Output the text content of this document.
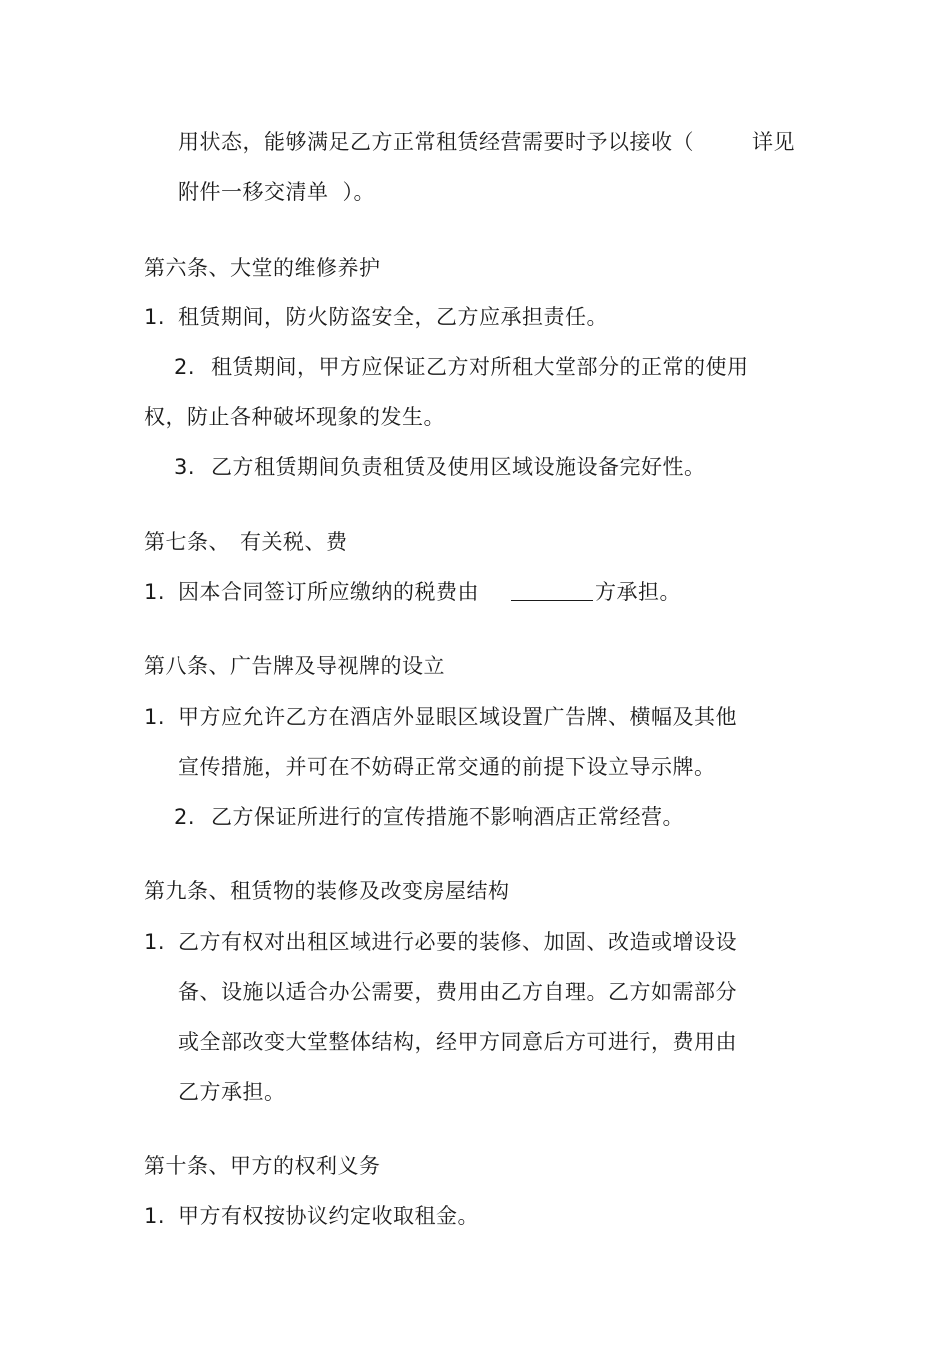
用状态，能够满足乙方正常租赁经营需要时予以接收（	详见
附件一移交清单 ）。
第六条、大堂的维修养护
1. 租赁期间，防火防盗安全，乙方应承担责任。
2. 租赁期间，甲方应保证乙方对所租大堂部分的正常的使用
权，防止各种破坏现象的发生。
3. 乙方租赁期间负责租赁及使用区域设施设备完好性。
第七条、 有关税、费
1. 因本合同签订所应缴纳的税费由	方承担。
第八条、广告牌及导视牌的设立
1. 甲方应允许乙方在酒店外显眼区域设置广告牌、横幅及其他
宣传措施，并可在不妨碍正常交通的前提下设立导示牌。
2. 乙方保证所进行的宣传措施不影响酒店正常经营。
第九条、租赁物的装修及改变房屋结构
1. 乙方有权对出租区域进行必要的装修、加固、改造或增设设
备、设施以适合办公需要，费用由乙方自理。乙方如需部分
或全部改变大堂整体结构，经甲方同意后方可进行，费用由
乙方承担。
第十条、甲方的权利义务
1. 甲方有权按协议约定收取租金。
